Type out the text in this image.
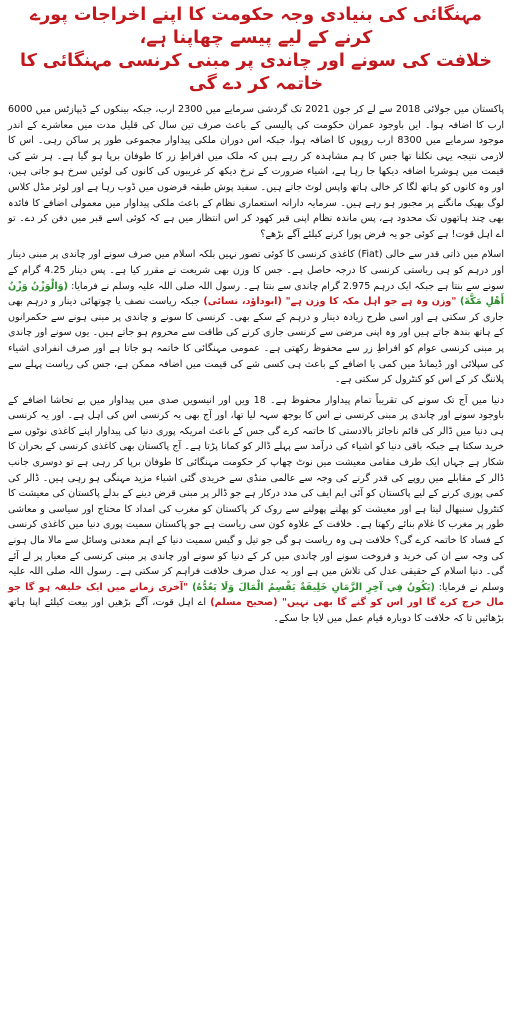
مہنگائی کی بنیادی وجہ حکومت کا اپنے اخراجات پورے کرنے کے لیے پیسے چھاپنا ہے،
خلافت کی سونے اور چاندی پر مبنی کرنسی مہنگائی کا خاتمہ کر دے گی

پاکستان میں جولائی 2018 سے لے کر جون 2021 تک گردشی سرمایے میں 2300 ارب، جبکہ بینکوں کے ڈیپازٹس میں 6000 ارب کا اضافہ ہوا۔ ایں باوجود عمران حکومت کی پالیسی کے باعث صرف تین سال کی قلیل مدت میں معاشرے کے اندر موجود سرمایے میں 8300 ارب روپوں کا اضافہ ہوا، جبکہ اس دوران ملکی پیداوار مجموعی طور پر ساکن رہی۔ اس کا لازمی نتیجہ یہی نکلنا تھا جس کا ہم مشاہدہ کر رہے ہیں کہ ملک میں افراطِ زر کا طوفان برپا ہو گیا ہے۔ ہر شے کی قیمت میں ہوشربا اضافہ دیکھا جا رہا ہے، اشیاء ضرورت کے نرخ دیکھ کر غریبوں کی کانوں کی لوئیں سرخ ہو جاتی ہیں، اور وہ کانوں کو ہاتھ لگا کر خالی ہاتھ واپس لوٹ جاتے ہیں۔ سفید پوش طبقہ قرضوں میں ڈوب رہا ہے اور لوئر مڈل کلاس لوگ بھیک مانگنے پر مجبور ہو رہے ہیں۔ سرمایہ دارانہ استعماری نظام کے باعث ملکی پیداوار میں معمولی اضافے کا فائدہ بھی چند ہاتھوں تک محدود ہے، پس ماندہ نظام اپنی قبر کھود کر اس انتظار میں ہے کہ کوئی اسے قبر میں دفن کر دے۔ تو اے اہل قوت! ہے کوئی جو یہ فرض پورا کرنے کیلئے آگے بڑھے؟

اسلام میں ذاتی قدر سے خالی (Fiat) کاغذی کرنسی کا کوئی تصور نہیں بلکہ اسلام میں صرف سونے اور چاندی پر مبنی دینار اور درہم کو ہی ریاستی کرنسی کا درجہ حاصل ہے۔ جس کا وزن بھی شریعت نے مقرر کیا ہے۔ پس دینار 4.25 گرام کے سونے سے بنتا ہے جبکہ ایک درہم 2.975 گرام چاندی سے بنتا ہے۔ رسول اللہ صلی اللہ علیہ وسلم نے فرمایا: (وَالْوَزْنُ وَزْنُ أَهْلِ مَكَّةَ) "وزن وہ ہے جو اہل مکہ کا وزن ہے" (ابوداؤد، نسائی) جبکہ ریاست نصف یا چوتھائی دینار و درہم بھی جاری کر سکتی ہے اور اسی طرح زیادہ دینار و درہم کے سکے بھی۔ کرنسی کا سونے و چاندی پر مبنی ہونے سے حکمرانوں کے ہاتھ بندھ جاتے ہیں اور وہ اپنی مرضی سے کرنسی جاری کرنے کی طاقت سے محروم ہو جاتے ہیں۔ یوں سونے اور چاندی پر مبنی کرنسی عوام کو افراطِ زر سے محفوظ رکھتی ہے۔ عمومی مہنگائی کا خاتمہ ہو جاتا ہے اور صرف انفرادی اشیاء کی سپلائی اور ڈیمانڈ میں کمی یا اضافے کے باعث ہی کسی شے کی قیمت میں اضافہ ممکن ہے، جس کی ریاست پہلے سے پلاننگ کر کے اس کو کنٹرول کر سکتی ہے۔

دنیا میں آج تک سونے کی تقریباً تمام پیداوار محفوظ ہے۔ 18 ویں اور انیسویں صدی میں پیداوار میں بے تحاشا اضافے کے باوجود سونے اور چاندی پر مبنی کرنسی نے اس کا بوجھ سہہ لیا تھا، اور آج بھی یہ کرنسی اس کی اہل ہے۔ اور یہ کرنسی ہی دنیا میں ڈالر کی قائم ناجائز بالادستی کا خاتمہ کرے گی جس کے باعث امریکہ پوری دنیا کی پیداوار اپنے کاغذی نوٹوں سے خرید سکتا ہے جبکہ باقی دنیا کو اشیاء کی درآمد سے پہلے ڈالر کو کمانا پڑتا ہے۔ آج پاکستان بھی کاغذی کرنسی کے بحران کا شکار ہے جہاں ایک طرف مقامی معیشت میں نوٹ چھاپ کر حکومت مہنگائی کا طوفان برپا کر رہی ہے تو دوسری جانب ڈالر کے مقابلے میں روپے کی قدر گرنے کی وجہ سے عالمی منڈی سے خریدی گئی اشیاء مزید مہنگی ہو رہی ہیں۔ ڈالر کی کمی پوری کرنے کے لیے پاکستان کو آئی ایم ایف کی مدد درکار ہے جو ڈالر پر مبنی قرض دینے کے بدلے پاکستان کی معیشت کا کنٹرول سنبھال لیتا ہے اور معیشت کو پھلنے پھولنے سے روک کر پاکستان کو مغرب کی امداد کا محتاج اور سیاسی و معاشی طور پر مغرب کا غلام بنائے رکھتا ہے۔ خلافت کے علاوہ کون سی ریاست ہے جو پاکستان سمیت پوری دنیا میں کاغذی کرنسی کے فساد کا خاتمہ کرے گی؟ خلافت ہی وہ ریاست ہو گی جو تیل و گیس سمیت دنیا کے اہم معدنی وسائل سے مالا مال ہونے کی وجہ سے ان کی خرید و فروخت سونے اور چاندی میں کر کے دنیا کو سونے اور چاندی پر مبنی کرنسی کے معیار پر لے آئے گی۔ دنیا اسلام کے حقیقی عدل کی تلاش میں ہے اور یہ عدل صرف خلافت فراہم کر سکتی ہے۔ رسول اللہ صلی اللہ علیہ وسلم نے فرمایا: (يَكُونُ فِي آخِرِ الزَّمَانِ خَلِيفَةٌ يَقْسِمُ الْمَالَ وَلَا يَعُدُّهُ) "آخری زمانے میں ایک خلیفہ ہو گا جو مال خرچ کرے گا اور اس کو گنے گا بھی نہیں" (صحیح مسلم) اے اہل قوت، آگے بڑھیں اور بیعت کیلئے اپنا ہاتھ بڑھائیں تا کہ خلافت کا دوبارہ قیام عمل میں لایا جا سکے۔
